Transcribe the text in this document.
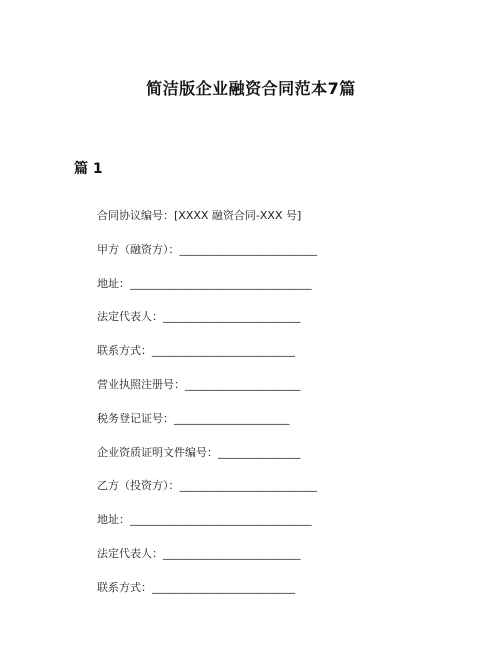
简洁版企业融资合同范本7篇
篇 1
合同协议编号：[XXXX 融资合同-XXX 号]
甲方（融资方）：_________________________
地址：_________________________________
法定代表人：_________________________
联系方式：__________________________
营业执照注册号：_____________________
税务登记证号：_____________________
企业资质证明文件编号：_______________
乙方（投资方）：_________________________
地址：_________________________________
法定代表人：_________________________
联系方式：__________________________
